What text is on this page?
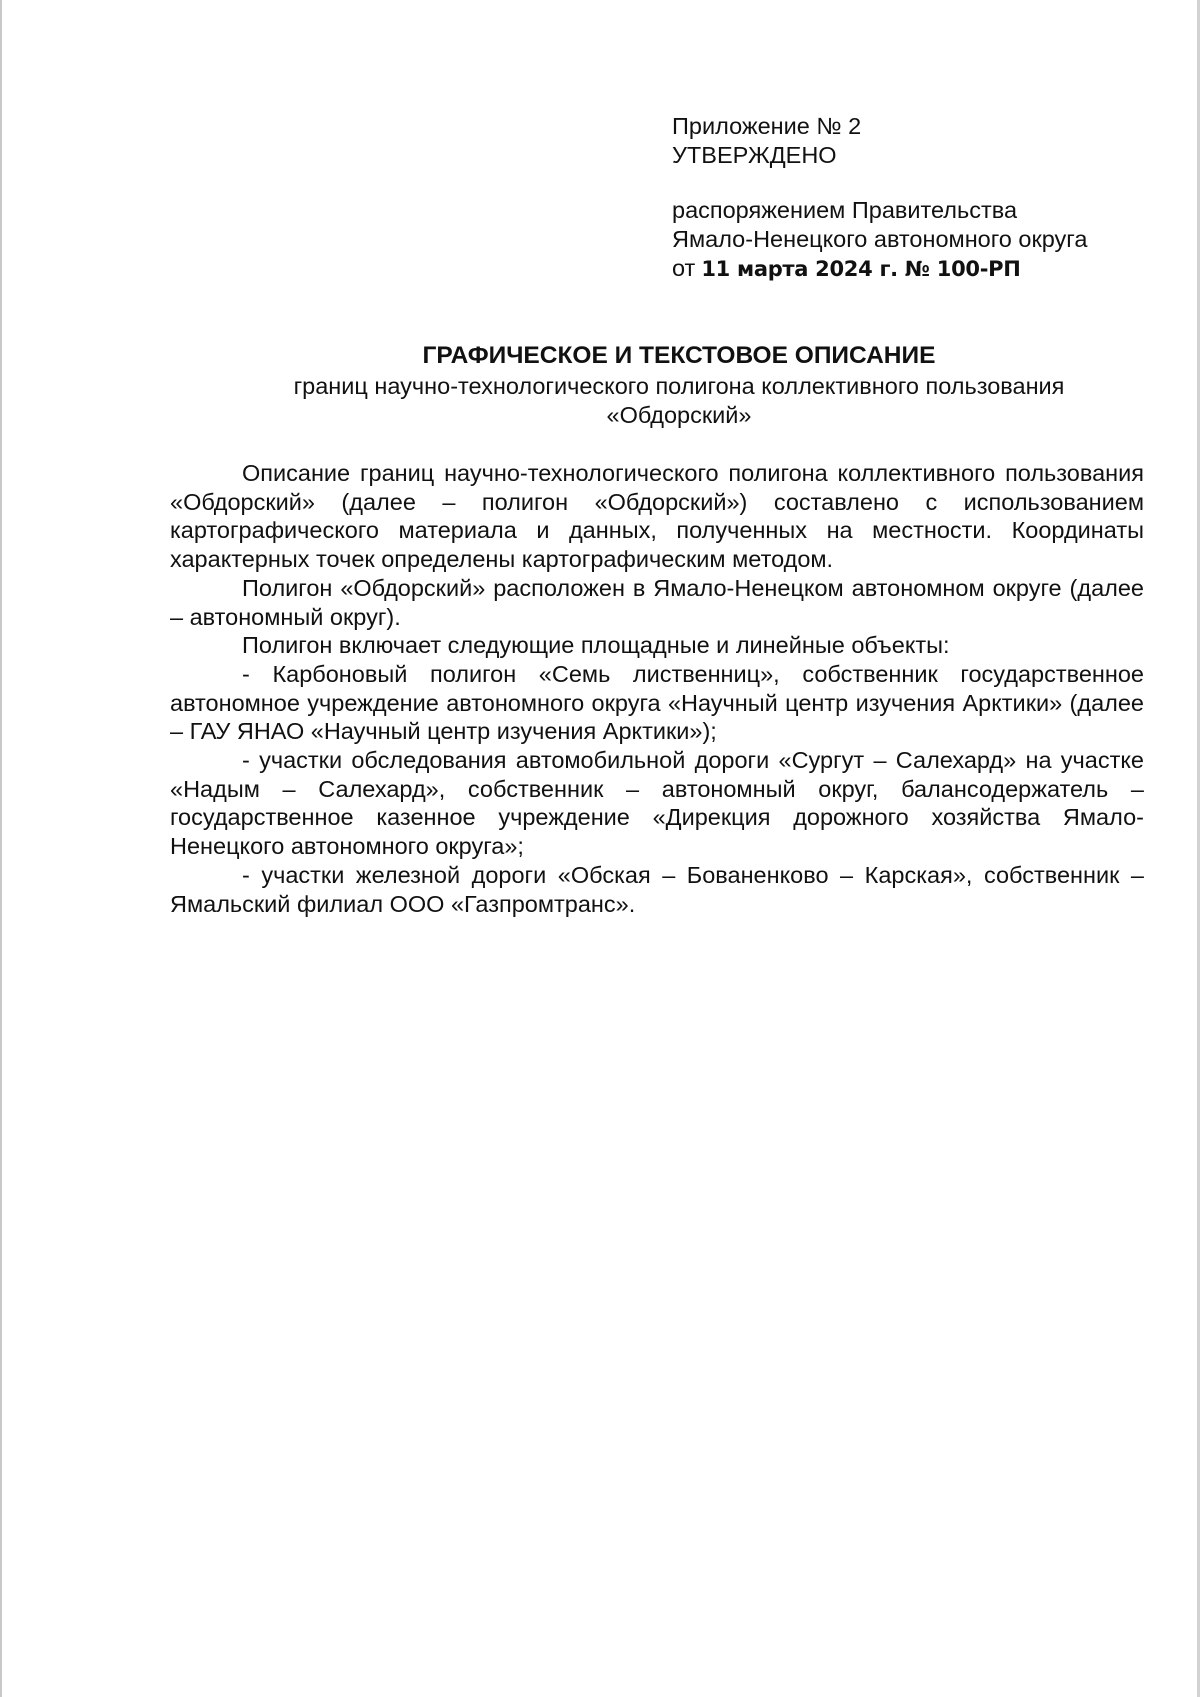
Приложение № 2
УТВЕРЖДЕНО
распоряжением Правительства
Ямало-Ненецкого автономного округа
от 11 марта 2024 г. № 100-РП
ГРАФИЧЕСКОЕ И ТЕКСТОВОЕ ОПИСАНИЕ
границ научно-технологического полигона коллективного пользования
«Обдорский»

Описание границ научно-технологического полигона коллективного пользования «Обдорский» (далее – полигон «Обдорский») составлено с использованием картографического материала и данных, полученных на местности. Координаты характерных точек определены картографическим методом.

Полигон «Обдорский» расположен в Ямало-Ненецком автономном округе (далее – автономный округ).

Полигон включает следующие площадные и линейные объекты:

- Карбоновый полигон «Семь лиственниц», собственник государственное автономное учреждение автономного округа «Научный центр изучения Арктики» (далее – ГАУ ЯНАО «Научный центр изучения Арктики»);

- участки обследования автомобильной дороги «Сургут – Салехард» на участке «Надым – Салехард», собственник – автономный округ, балансодержатель – государственное казенное учреждение «Дирекция дорожного хозяйства Ямало-Ненецкого автономного округа»;

- участки железной дороги «Обская – Бованенково – Карская», собственник – Ямальский филиал ООО «Газпромтранс».
